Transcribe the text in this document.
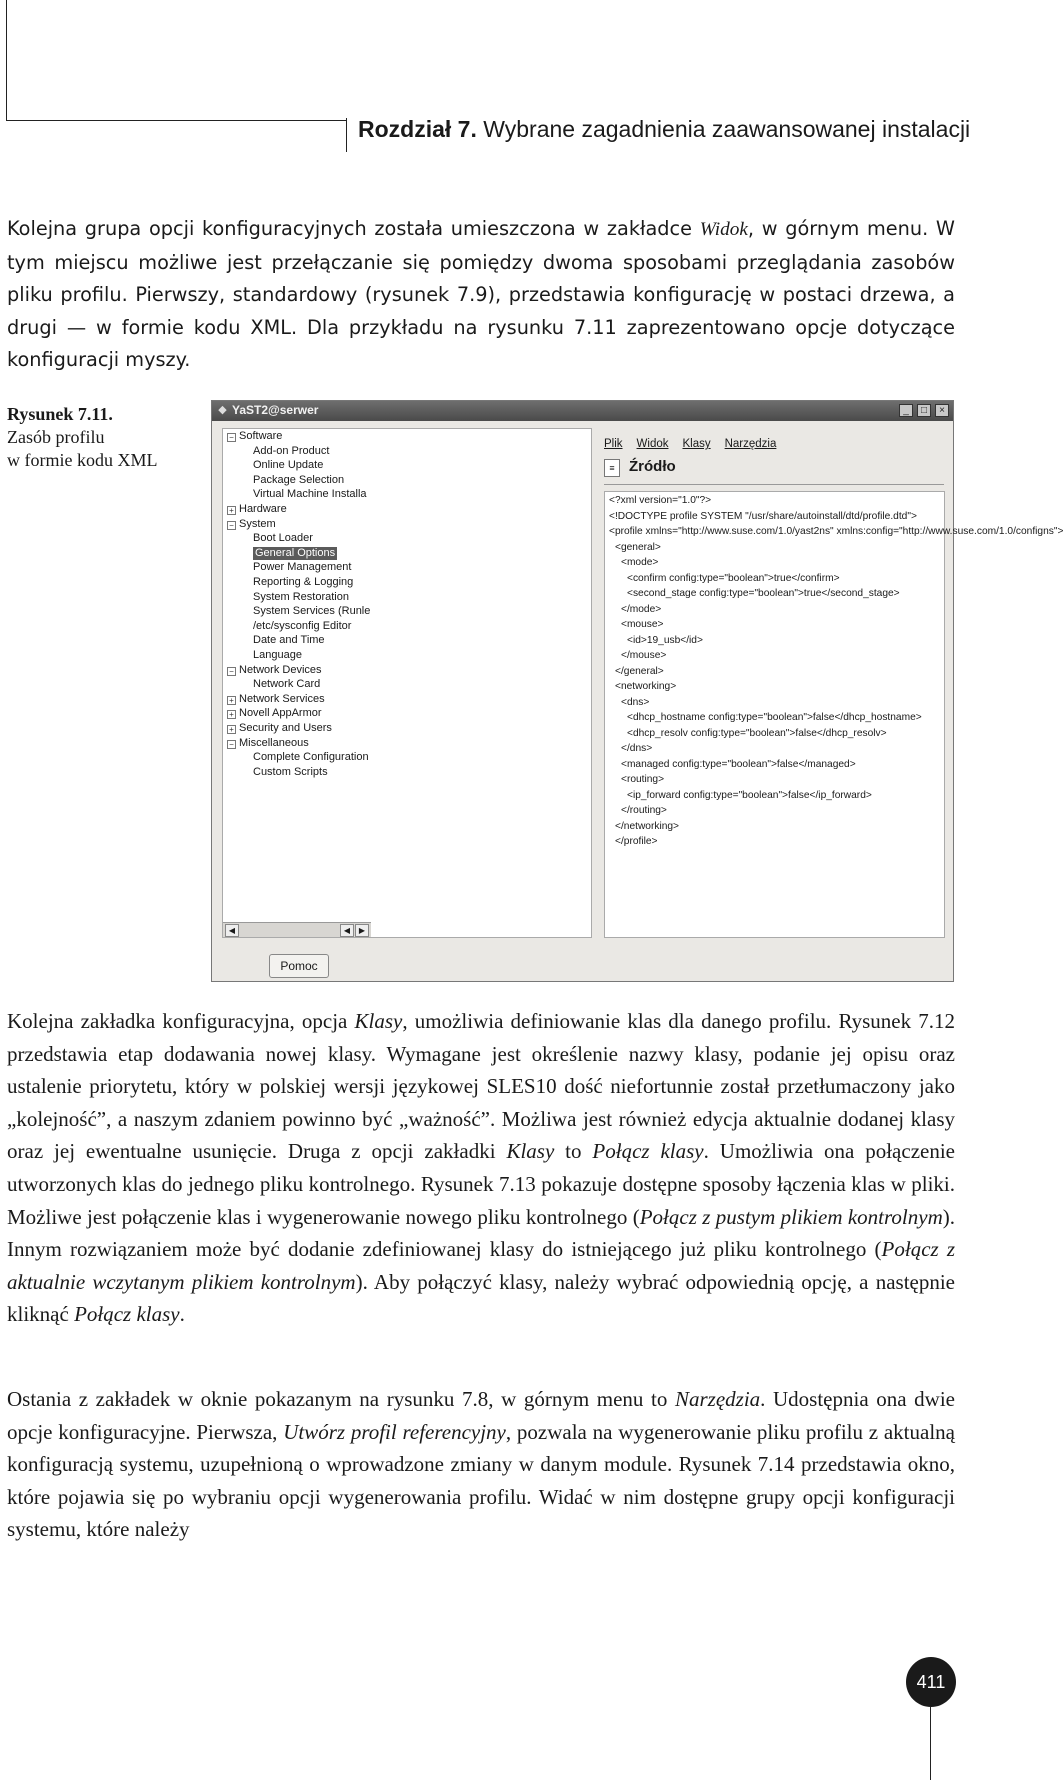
Rozdział 7. Wybrane zagadnienia zaawansowanej instalacji
Kolejna grupa opcji konfiguracyjnych została umieszczona w zakładce Widok, w górnym menu. W tym miejscu możliwe jest przełączanie się pomiędzy dwoma sposobami przeglądania zasobów pliku profilu. Pierwszy, standardowy (rysunek 7.9), przedstawia konfigurację w postaci drzewa, a drugi — w formie kodu XML. Dla przykładu na rysunku 7.11 zaprezentowano opcje dotyczące konfiguracji myszy.
Rysunek 7.11.
Zasób profilu
w formie kodu XML
◆ YaST2@serwer	_	□	×
◀	◀	▶
− Software
Add-on Product
Online Update
Package Selection
Virtual Machine Installa
+ Hardware
− System
Boot Loader
General Options
Power Management
Reporting & Logging
System Restoration
System Services (Runle
/etc/sysconfig Editor
Date and Time
Language
− Network Devices
Network Card
+ Network Services
+ Novell AppArmor
+ Security and Users
− Miscellaneous
Complete Configuration
Custom Scripts
Plik Widok Klasy Narzędzia
≡ Źródło
<?xml version="1.0"?>
<!DOCTYPE profile SYSTEM "/usr/share/autoinstall/dtd/profile.dtd">
<profile xmlns="http://www.suse.com/1.0/yast2ns" xmlns:config="http://www.suse.com/1.0/configns">
<general>
<mode>
<confirm config:type="boolean">true</confirm>
<second_stage config:type="boolean">true</second_stage>
</mode>
<mouse>
<id>19_usb</id>
</mouse>
</general>
<networking>
<dns>
<dhcp_hostname config:type="boolean">false</dhcp_hostname>
<dhcp_resolv config:type="boolean">false</dhcp_resolv>
</dns>
<managed config:type="boolean">false</managed>
<routing>
<ip_forward config:type="boolean">false</ip_forward>
</routing>
</networking>
</profile>
Pomoc
Kolejna zakładka konfiguracyjna, opcja Klasy, umożliwia definiowanie klas dla danego profilu. Rysunek 7.12 przedstawia etap dodawania nowej klasy. Wymagane jest określenie nazwy klasy, podanie jej opisu oraz ustalenie priorytetu, który w polskiej wersji językowej SLES10 dość niefortunnie został przetłumaczony jako „kolejność”, a naszym zdaniem powinno być „ważność”. Możliwa jest również edycja aktualnie dodanej klasy oraz jej ewentualne usunięcie. Druga z opcji zakładki Klasy to Połącz klasy. Umożliwia ona połączenie utworzonych klas do jednego pliku kontrolnego. Rysunek 7.13 pokazuje dostępne sposoby łączenia klas w pliki. Możliwe jest połączenie klas i wygenerowanie nowego pliku kontrolnego (Połącz z pustym plikiem kontrolnym). Innym rozwiązaniem może być dodanie zdefiniowanej klasy do istniejącego już pliku kontrolnego (Połącz z aktualnie wczytanym plikiem kontrolnym). Aby połączyć klasy, należy wybrać odpowiednią opcję, a następnie kliknąć Połącz klasy.
Ostania z zakładek w oknie pokazanym na rysunku 7.8, w górnym menu to Narzędzia. Udostępnia ona dwie opcje konfiguracyjne. Pierwsza, Utwórz profil referencyjny, pozwala na wygenerowanie pliku profilu z aktualną konfiguracją systemu, uzupełnioną o wprowadzone zmiany w danym module. Rysunek 7.14 przedstawia okno, które pojawia się po wybraniu opcji wygenerowania profilu. Widać w nim dostępne grupy opcji konfiguracji systemu, które należy
411
